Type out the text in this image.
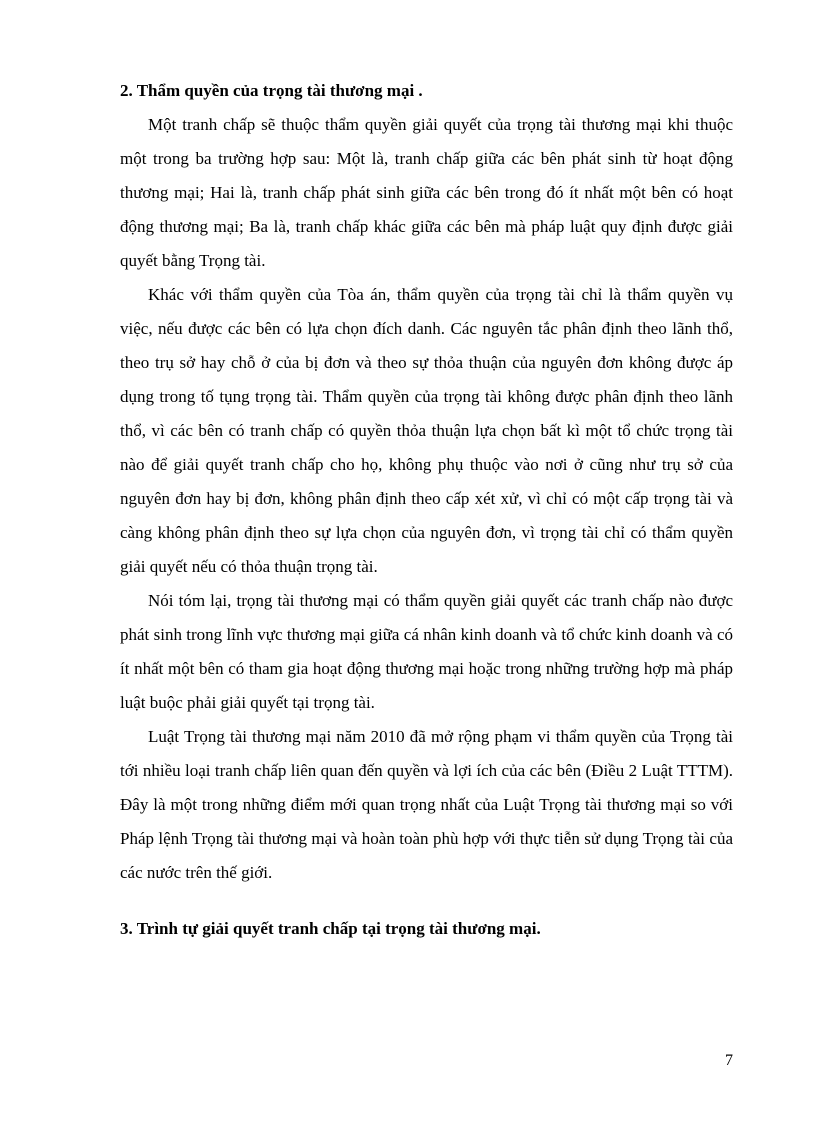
2. Thẩm quyền của trọng tài thương mại .

Một tranh chấp sẽ thuộc thẩm quyền giải quyết của trọng tài thương mại khi thuộc một trong ba trường hợp sau: Một là, tranh chấp giữa các bên phát sinh từ hoạt động thương mại; Hai là, tranh chấp phát sinh giữa các bên trong đó ít nhất một bên có hoạt động thương mại; Ba là, tranh chấp khác giữa các bên mà pháp luật quy định được giải quyết bằng Trọng tài.

Khác với thẩm quyền của Tòa án, thẩm quyền của trọng tài chỉ là thẩm quyền vụ việc, nếu được các bên có lựa chọn đích danh. Các nguyên tắc phân định theo lãnh thổ, theo trụ sở hay chỗ ở của bị đơn và theo sự thỏa thuận của nguyên đơn không được áp dụng trong tố tụng trọng tài. Thẩm quyền của trọng tài không được phân định theo lãnh thổ, vì các bên có tranh chấp có quyền thỏa thuận lựa chọn bất kì một tổ chức trọng tài nào để giải quyết tranh chấp cho họ, không phụ thuộc vào nơi ở cũng như trụ sở của nguyên đơn hay bị đơn, không phân định theo cấp xét xử, vì chỉ có một cấp trọng tài và càng không phân định theo sự lựa chọn của nguyên đơn, vì trọng tài chỉ có thẩm quyền giải quyết nếu có thỏa thuận trọng tài.

Nói tóm lại, trọng tài thương mại có thẩm quyền giải quyết các tranh chấp nào được phát sinh trong lĩnh vực thương mại giữa cá nhân kinh doanh và tổ chức kinh doanh và có ít nhất một bên có tham gia hoạt động thương mại hoặc trong những trường hợp mà pháp luật buộc phải giải quyết tại trọng tài.

Luật Trọng tài thương mại năm 2010 đã mở rộng phạm vi thẩm quyền của Trọng tài tới nhiều loại tranh chấp liên quan đến quyền và lợi ích của các bên (Điều 2 Luật TTTM). Đây là một trong những điểm mới quan trọng nhất của Luật Trọng tài thương mại so với Pháp lệnh Trọng tài thương mại và hoàn toàn phù hợp với thực tiễn sử dụng Trọng tài của các nước trên thế giới.

3. Trình tự giải quyết tranh chấp tại trọng tài thương mại.

7
